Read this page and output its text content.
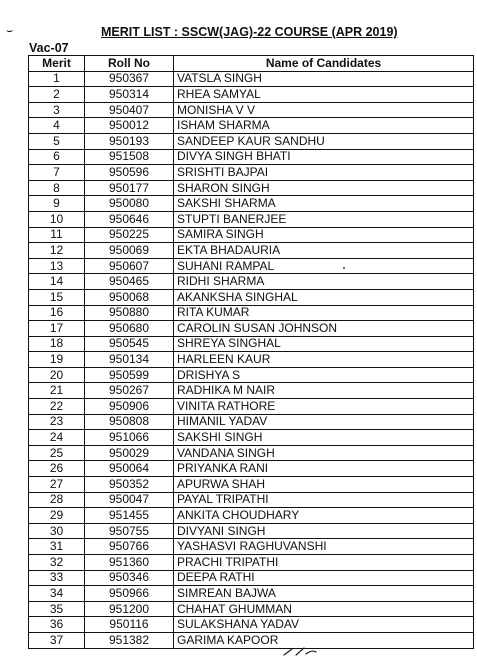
⌣	MERIT LIST : SSCW(JAG)-22 COURSE (APR 2019)
Vac-07
Merit	Roll No	Name of Candidates
1	950367	VATSLA SINGH
2	950314	RHEA SAMYAL
3	950407	MONISHA V V
4	950012	ISHAM SHARMA
5	950193	SANDEEP KAUR SANDHU
6	951508	DIVYA SINGH BHATI
7	950596	SRISHTI BAJPAI
8	950177	SHARON SINGH
9	950080	SAKSHI SHARMA
10	950646	STUPTI BANERJEE
11	950225	SAMIRA SINGH
12	950069	EKTA BHADAURIA
13	950607	SUHANI RAMPAL
14	950465	RIDHI SHARMA
15	950068	AKANKSHA SINGHAL
16	950880	RITA KUMAR
17	950680	CAROLIN SUSAN JOHNSON
18	950545	SHREYA SINGHAL
19	950134	HARLEEN KAUR
20	950599	DRISHYA S
21	950267	RADHIKA M NAIR
22	950906	VINITA RATHORE
23	950808	HIMANIL YADAV
24	951066	SAKSHI SINGH
25	950029	VANDANA SINGH
26	950064	PRIYANKA RANI
27	950352	APURWA SHAH
28	950047	PAYAL TRIPATHI
29	951455	ANKITA CHOUDHARY
30	950755	DIVYANI SINGH
31	950766	YASHASVI RAGHUVANSHI
32	951360	PRACHI TRIPATHI
33	950346	DEEPA RATHI
34	950966	SIMREAN BAJWA
35	951200	CHAHAT GHUMMAN
36	950116	SULAKSHANA YADAV
37	951382	GARIMA KAPOOR
